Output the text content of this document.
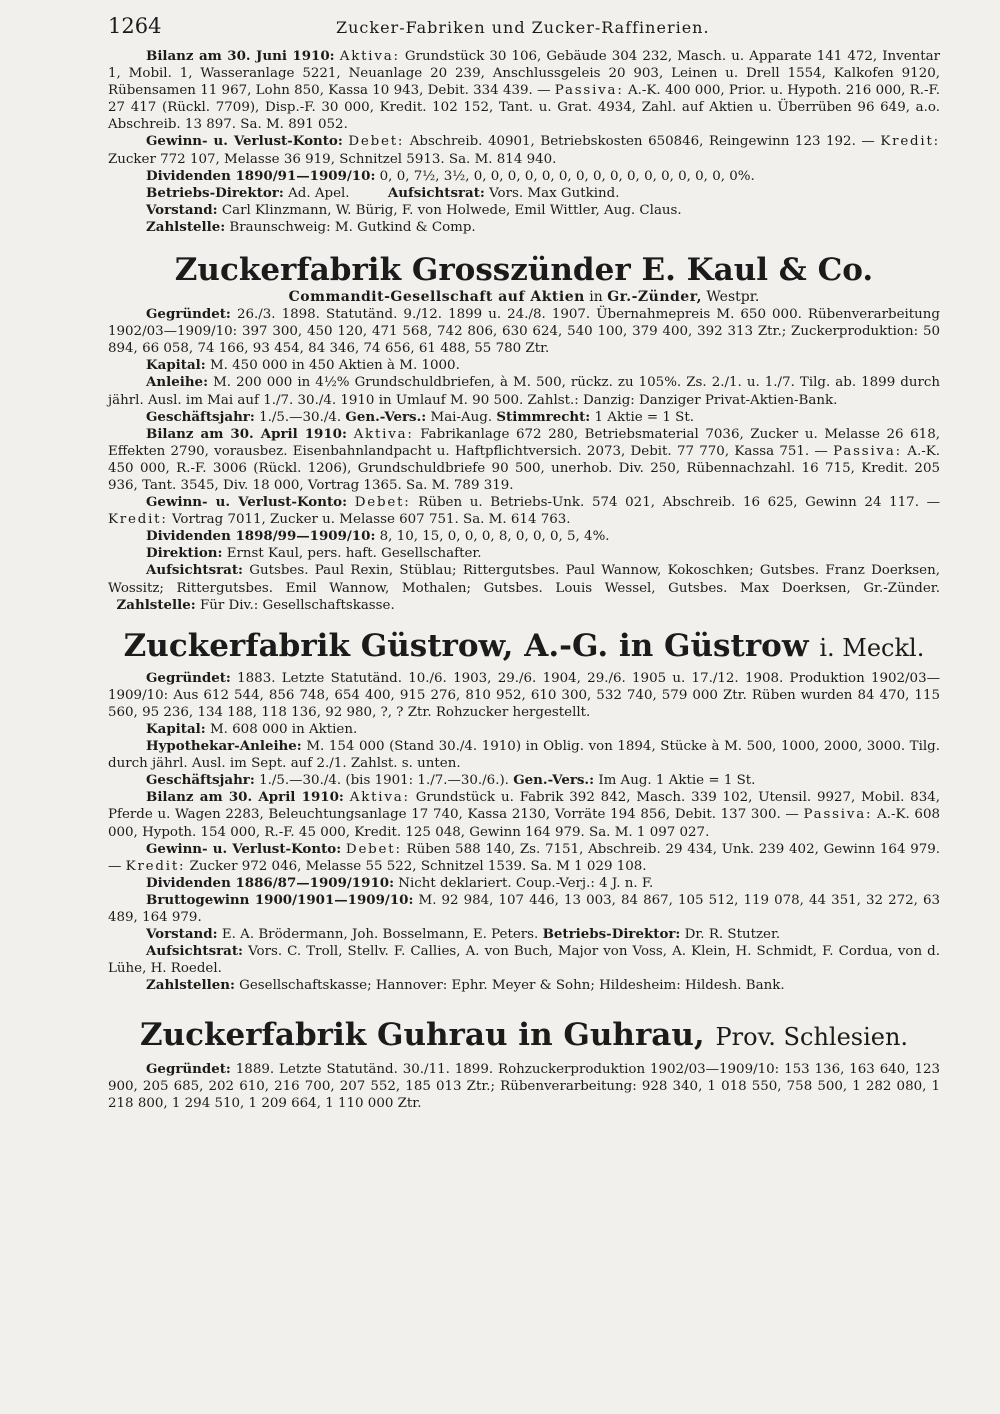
1264	Zucker-Fabriken und Zucker-Raffinerien.

Bilanz am 30. Juni 1910: Aktiva: Grundstück 30 106, Gebäude 304 232, Masch. u. Apparate 141 472, Inventar 1, Mobil. 1, Wasseranlage 5221, Neuanlage 20 239, Anschlussgeleis 20 903, Leinen u. Drell 1554, Kalkofen 9120, Rübensamen 11 967, Lohn 850, Kassa 10 943, Debit. 334 439. — Passiva: A.-K. 400 000, Prior. u. Hypoth. 216 000, R.-F. 27 417 (Rückl. 7709), Disp.-F. 30 000, Kredit. 102 152, Tant. u. Grat. 4934, Zahl. auf Aktien u. Überrüben 96 649, a.o. Abschreib. 13 897. Sa. M. 891 052.

Gewinn- u. Verlust-Konto: Debet: Abschreib. 40901, Betriebskosten 650846, Reingewinn 123 192. — Kredit: Zucker 772 107, Melasse 36 919, Schnitzel 5913. Sa. M. 814 940.

Dividenden 1890/91—1909/10: 0, 0, 7½, 3½, 0, 0, 0, 0, 0, 0, 0, 0, 0, 0, 0, 0, 0, 0, 0, 0%.

Betriebs-Direktor: Ad. Apel.	Aufsichtsrat: Vors. Max Gutkind.

Vorstand: Carl Klinzmann, W. Bürig, F. von Holwede, Emil Wittler, Aug. Claus.

Zahlstelle: Braunschweig: M. Gutkind & Comp.

Zuckerfabrik Grosszünder E. Kaul & Co.

Commandit-Gesellschaft auf Aktien in Gr.-Zünder, Westpr.

Gegründet: 26./3. 1898. Statutänd. 9./12. 1899 u. 24./8. 1907. Übernahmepreis M. 650 000. Rübenverarbeitung 1902/03—1909/10: 397 300, 450 120, 471 568, 742 806, 630 624, 540 100, 379 400, 392 313 Ztr.; Zuckerproduktion: 50 894, 66 058, 74 166, 93 454, 84 346, 74 656, 61 488, 55 780 Ztr.

Kapital: M. 450 000 in 450 Aktien à M. 1000.

Anleihe: M. 200 000 in 4½% Grundschuldbriefen, à M. 500, rückz. zu 105%. Zs. 2./1. u. 1./7. Tilg. ab. 1899 durch jährl. Ausl. im Mai auf 1./7. 30./4. 1910 in Umlauf M. 90 500. Zahlst.: Danzig: Danziger Privat-Aktien-Bank.

Geschäftsjahr: 1./5.—30./4. Gen.-Vers.: Mai-Aug. Stimmrecht: 1 Aktie = 1 St.

Bilanz am 30. April 1910: Aktiva: Fabrikanlage 672 280, Betriebsmaterial 7036, Zucker u. Melasse 26 618, Effekten 2790, vorausbez. Eisenbahnlandpacht u. Haftpflichtversich. 2073, Debit. 77 770, Kassa 751. — Passiva: A.-K. 450 000, R.-F. 3006 (Rückl. 1206), Grundschuldbriefe 90 500, unerhob. Div. 250, Rübennachzahl. 16 715, Kredit. 205 936, Tant. 3545, Div. 18 000, Vortrag 1365. Sa. M. 789 319.

Gewinn- u. Verlust-Konto: Debet: Rüben u. Betriebs-Unk. 574 021, Abschreib. 16 625, Gewinn 24 117. — Kredit: Vortrag 7011, Zucker u. Melasse 607 751. Sa. M. 614 763.

Dividenden 1898/99—1909/10: 8, 10, 15, 0, 0, 0, 8, 0, 0, 0, 5, 4%.

Direktion: Ernst Kaul, pers. haft. Gesellschafter.

Aufsichtsrat: Gutsbes. Paul Rexin, Stüblau; Rittergutsbes. Paul Wannow, Kokoschken; Gutsbes. Franz Doerksen, Wossitz; Rittergutsbes. Emil Wannow, Mothalen; Gutsbes. Louis Wessel, Gutsbes. Max Doerksen, Gr.-Zünder.   Zahlstelle: Für Div.: Gesellschaftskasse.

Zuckerfabrik Güstrow, A.-G. in Güstrow i. Meckl.

Gegründet: 1883. Letzte Statutänd. 10./6. 1903, 29./6. 1904, 29./6. 1905 u. 17./12. 1908. Produktion 1902/03—1909/10: Aus 612 544, 856 748, 654 400, 915 276, 810 952, 610 300, 532 740, 579 000 Ztr. Rüben wurden 84 470, 115 560, 95 236, 134 188, 118 136, 92 980, ?, ? Ztr. Rohzucker hergestellt.

Kapital: M. 608 000 in Aktien.

Hypothekar-Anleihe: M. 154 000 (Stand 30./4. 1910) in Oblig. von 1894, Stücke à M. 500, 1000, 2000, 3000. Tilg. durch jährl. Ausl. im Sept. auf 2./1. Zahlst. s. unten.

Geschäftsjahr: 1./5.—30./4. (bis 1901: 1./7.—30./6.). Gen.-Vers.: Im Aug. 1 Aktie = 1 St.

Bilanz am 30. April 1910: Aktiva: Grundstück u. Fabrik 392 842, Masch. 339 102, Utensil. 9927, Mobil. 834, Pferde u. Wagen 2283, Beleuchtungsanlage 17 740, Kassa 2130, Vorräte 194 856, Debit. 137 300. — Passiva: A.-K. 608 000, Hypoth. 154 000, R.-F. 45 000, Kredit. 125 048, Gewinn 164 979. Sa. M. 1 097 027.

Gewinn- u. Verlust-Konto: Debet: Rüben 588 140, Zs. 7151, Abschreib. 29 434, Unk. 239 402, Gewinn 164 979. — Kredit: Zucker 972 046, Melasse 55 522, Schnitzel 1539. Sa. M 1 029 108.

Dividenden 1886/87—1909/1910: Nicht deklariert. Coup.-Verj.: 4 J. n. F.

Bruttogewinn 1900/1901—1909/10: M. 92 984, 107 446, 13 003, 84 867, 105 512, 119 078, 44 351, 32 272, 63 489, 164 979.

Vorstand: E. A. Brödermann, Joh. Bosselmann, E. Peters. Betriebs-Direktor: Dr. R. Stutzer.

Aufsichtsrat: Vors. C. Troll, Stellv. F. Callies, A. von Buch, Major von Voss, A. Klein, H. Schmidt, F. Cordua, von d. Lühe, H. Roedel.

Zahlstellen: Gesellschaftskasse; Hannover: Ephr. Meyer & Sohn; Hildesheim: Hildesh. Bank.

Zuckerfabrik Guhrau in Guhrau, Prov. Schlesien.

Gegründet: 1889. Letzte Statutänd. 30./11. 1899. Rohzuckerproduktion 1902/03—1909/10: 153 136, 163 640, 123 900, 205 685, 202 610, 216 700, 207 552, 185 013 Ztr.; Rübenverarbeitung: 928 340, 1 018 550, 758 500, 1 282 080, 1 218 800, 1 294 510, 1 209 664, 1 110 000 Ztr.
